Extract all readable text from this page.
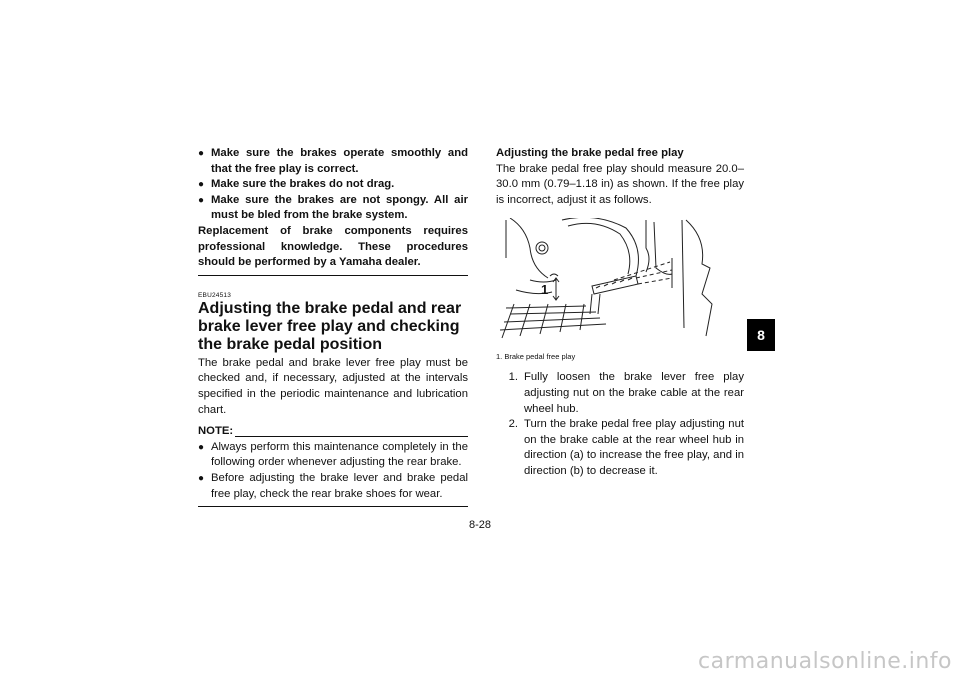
● Make sure the brakes operate smoothly and that the free play is correct.
● Make sure the brakes do not drag.
● Make sure the brakes are not spongy. All air must be bled from the brake system.
Replacement of brake components requires professional knowledge. These procedures should be performed by a Yamaha dealer.
EBU24513
Adjusting the brake pedal and rear brake lever free play and checking the brake pedal position
The brake pedal and brake lever free play must be checked and, if necessary, adjusted at the intervals specified in the periodic maintenance and lubrication chart.
NOTE:
● Always perform this maintenance completely in the following order whenever adjusting the rear brake.
● Before adjusting the brake lever and brake pedal free play, check the rear brake shoes for wear.
Adjusting the brake pedal free play
The brake pedal free play should measure 20.0–30.0 mm (0.79–1.18 in) as shown. If the free play is incorrect, adjust it as follows.
1
1. Brake pedal free play
1. Fully loosen the brake lever free play adjusting nut on the brake cable at the rear wheel hub.
2. Turn the brake pedal free play adjusting nut on the brake cable at the rear wheel hub in direction (a) to increase the free play, and in direction (b) to decrease it.
8
8-28
carmanualsonline.info
